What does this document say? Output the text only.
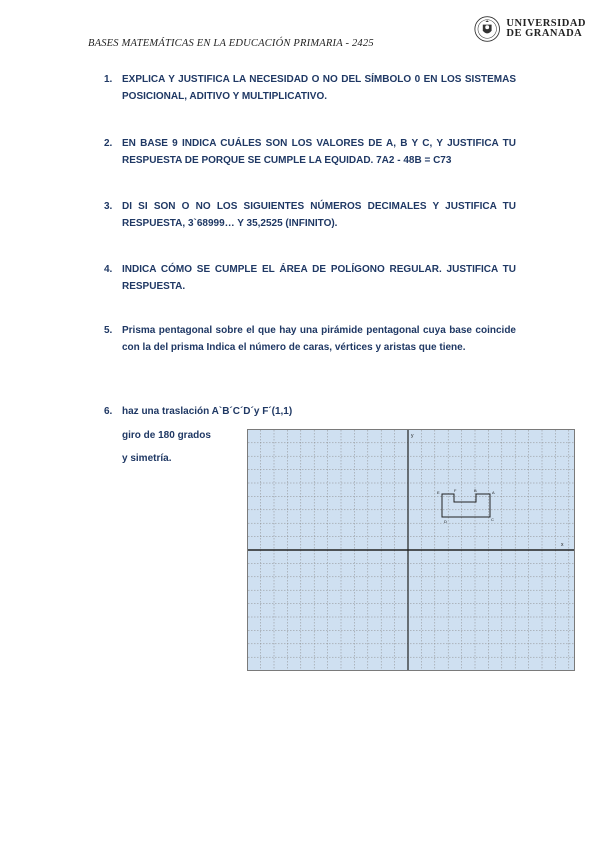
BASES MATEMÁTICAS EN LA EDUCACIÓN PRIMARIA - 2425
UNIVERSIDAD
DE GRANADA
1. EXPLICA Y JUSTIFICA LA NECESIDAD O NO DEL SÍMBOLO 0 EN LOS SISTEMAS POSICIONAL, ADITIVO Y MULTIPLICATIVO.
2. EN BASE 9 INDICA CUÁLES SON LOS VALORES DE A, B Y C, Y JUSTIFICA TU RESPUESTA DE PORQUE SE CUMPLE LA EQUIDAD. 7A2 - 48B = C73
3. DI SI SON O NO LOS SIGUIENTES NÚMEROS DECIMALES Y JUSTIFICA TU RESPUESTA, 3`68999… Y 35,2525 (INFINITO).
4. INDICA CÓMO SE CUMPLE EL ÁREA DE POLÍGONO REGULAR. JUSTIFICA TU RESPUESTA.
5. Prisma pentagonal sobre el que hay una pirámide pentagonal cuya base coincide con la del prisma Indica el número de caras, vértices y aristas que tiene.
6. haz una traslación A`B´C´D´y F´(1,1)
giro de 180 grados
y simetría.
y
x
E	F	B	A
D	C
